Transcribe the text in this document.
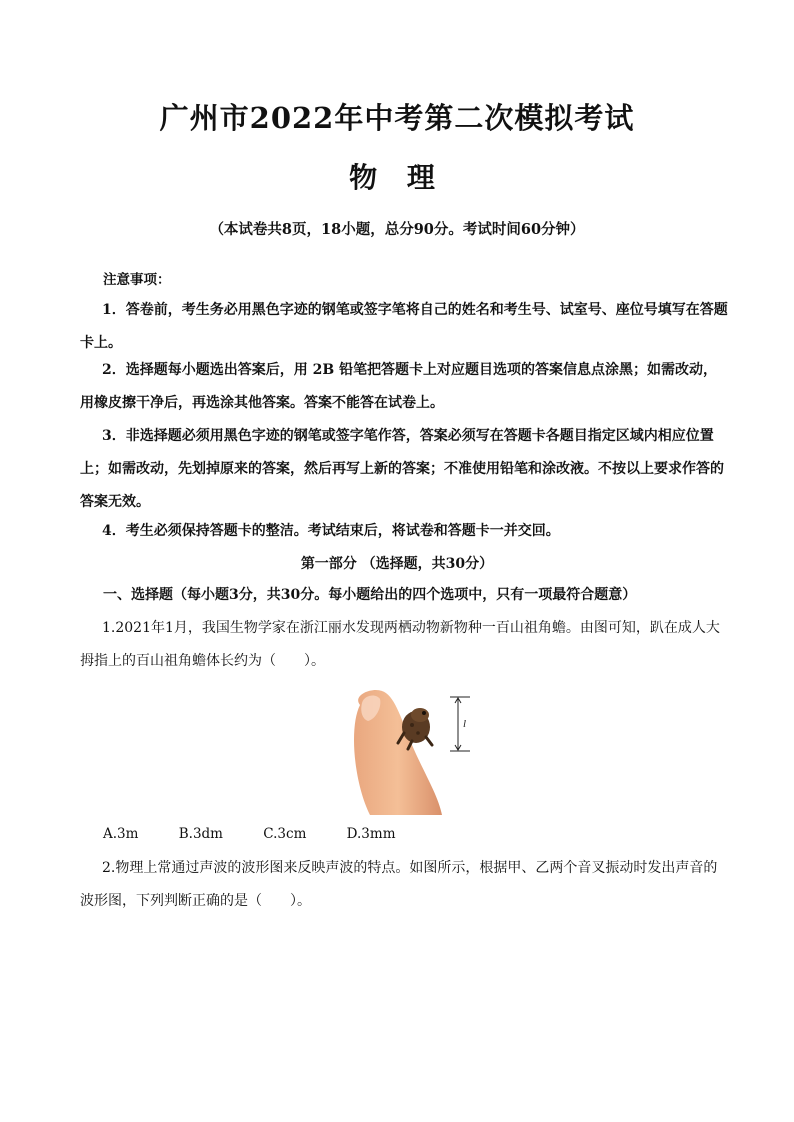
广州市2022年中考第二次模拟考试
物 理
（本试卷共8页，18小题，总分90分。考试时间60分钟）
注意事项：

1．答卷前，考生务必用黑色字迹的钢笔或签字笔将自己的姓名和考生号、试室号、座位号填写在答题卡上。

2．选择题每小题选出答案后，用 2B 铅笔把答题卡上对应题目选项的答案信息点涂黑；如需改动，用橡皮擦干净后，再选涂其他答案。答案不能答在试卷上。

3．非选择题必须用黑色字迹的钢笔或签字笔作答，答案必须写在答题卡各题目指定区域内相应位置上；如需改动，先划掉原来的答案，然后再写上新的答案；不准使用铅笔和涂改液。不按以上要求作答的答案无效。

4．考生必须保持答题卡的整洁。考试结束后，将试卷和答题卡一并交回。

第一部分 （选择题，共30分）
一、选择题（每小题3分，共30分。每小题给出的四个选项中，只有一项最符合题意）

1.2021年1月，我国生物学家在浙江丽水发现两栖动物新物种一百山祖角蟾。由图可知，趴在成人大拇指上的百山祖角蟾体长约为（　　）。

l
A.3m	B.3dm	C.3cm	D.3mm

2.物理上常通过声波的波形图来反映声波的特点。如图所示，根据甲、乙两个音叉振动时发出声音的波形图，下列判断正确的是（　　）。
